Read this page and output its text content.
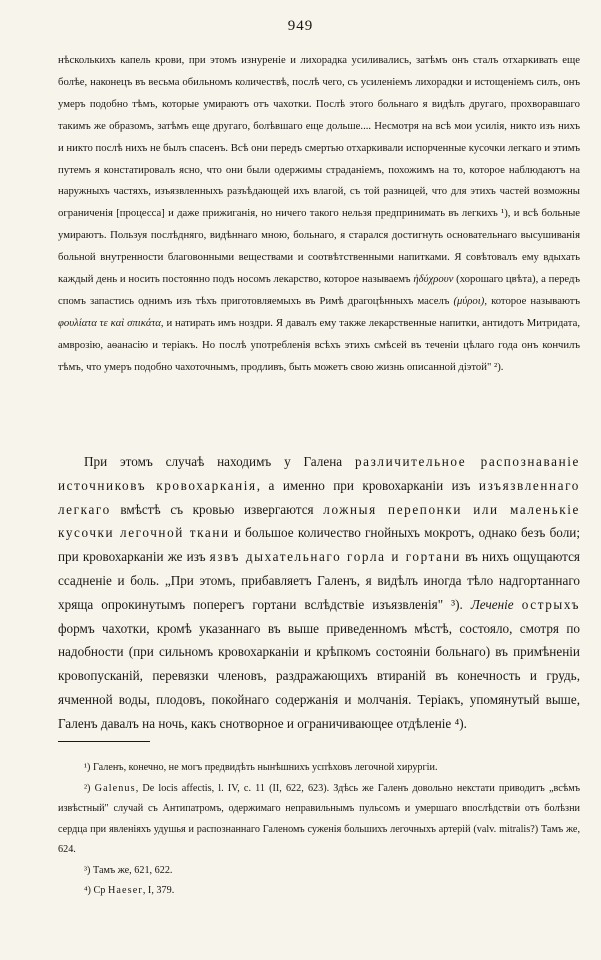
949

нѣсколькихъ капель крови, при этомъ изнуреніе и лихорадка усиливались, затѣмъ онъ сталъ отхаркивать еще болѣе, наконецъ въ весьма обильномъ количествѣ, послѣ чего, съ усиленіемъ лихорадки и истощеніемъ силъ, онъ умеръ подобно тѣмъ, которые умираютъ отъ чахотки. Послѣ этого больнаго я видѣлъ другаго, прохворавшаго такимъ же образомъ, затѣмъ еще другаго, болѣвшаго еще дольше.... Несмотря на всѣ мои усилія, никто изъ нихъ и никто послѣ нихъ не былъ спасенъ. Всѣ они передъ смертью отхаркивали испорченные кусочки легкаго и этимъ путемъ я констатировалъ ясно, что они были одержимы страданіемъ, похожимъ на то, которое наблюдаютъ на наружныхъ частяхъ, изъязвленныхъ разъѣдающей ихъ влагой, съ той разницей, что для этихъ частей возможны ограниченія [процесса] и даже прижиганія, но ничего такого нельзя предпринимать въ легкихъ ¹), и всѣ больные умираютъ. Пользуя послѣдняго, видѣннаго мною, больнаго, я старался достигнуть основательнаго высушиванія больной внутренности благовонными веществами и соотвѣтственными напитками. Я совѣтовалъ ему вдыхать каждый день и носить постоянно подъ носомъ лекарство, которое называемъ ἠδύχρουν (хорошаго цвѣта), а передъ спомъ запастись однимъ изъ тѣхъ приготовляемыхъ въ Римѣ драгоцѣнныхъ маселъ (μύροι), которое называютъ φουλίατα τε καὶ σπικάτα, и натирать имъ ноздри. Я давалъ ему также лекарственные напитки, антидотъ Митридата, амврозію, аѳанасію и теріакъ. Но послѣ употребленія всѣхъ этихъ смѣсей въ теченіи цѣлаго года онъ кончилъ тѣмъ, что умеръ подобно чахоточнымъ, продливъ, быть можетъ свою жизнь описанной діэтой" ²).

При этомъ случаѣ находимъ у Галена различительное распознаваніе источниковъ кровохарканія, а именно при кровохарканіи изъ изъязвленнаго легкаго вмѣстѣ съ кровью извергаются ложныя перепонки или маленькіе кусочки легочной ткани и большое количество гнойныхъ мокротъ, однако безъ боли; при кровохарканіи же изъ язвъ дыхательнаго горла и гортани въ нихъ ощущаются ссадненіе и боль. „При этомъ, прибавляетъ Галенъ, я видѣлъ иногда тѣло надгортаннаго хряща опрокинутымъ поперегъ гортани вслѣдствіе изъязвленія" ³). Леченіе острыхъ формъ чахотки, кромѣ указаннаго въ выше приведенномъ мѣстѣ, состояло, смотря по надобности (при сильномъ кровохарканіи и крѣпкомъ состояніи больнаго) въ примѣненіи кровопусканій, перевязки членовъ, раздражающихъ втираній въ конечность и грудь, ячменной воды, плодовъ, покойнаго содержанія и молчанія. Теріакъ, упомянутый выше, Галенъ давалъ на ночь, какъ снотворное и ограничивающее отдѣленіе ⁴).

¹) Галенъ, конечно, не могъ предвидѣть нынѣшнихъ успѣховъ легочной хирургіи.

²) Galenus, De locis affectis, l. IV, c. 11 (II, 622, 623). Здѣсь же Галенъ довольно некстати приводитъ „всѣмъ извѣстный" случай съ Антипатромъ, одержимаго неправильнымъ пульсомъ и умершаго впослѣдствіи отъ болѣзни сердца при явленіяхъ удушья и распознаннаго Галеномъ суженія большихъ легочныхъ артерій (valv. mitralis?) Тамъ же, 624.

³) Тамъ же, 621, 622.

⁴) Ср Haeser, I, 379.
